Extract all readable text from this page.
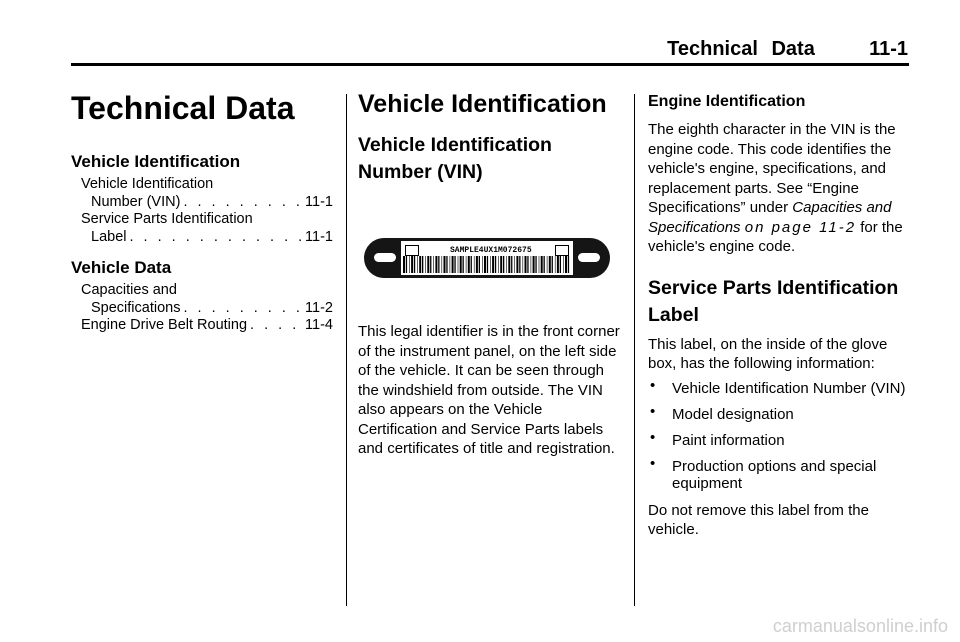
Technical Data	11-1
Technical Data
Vehicle Identification
Vehicle Identification
Number (VIN) . . .	11-1
Service Parts Identification
Label . . .	11-1
Vehicle Data
Capacities and
Specifications . . .	11-2
Engine Drive Belt Routing . . .	11-4
Vehicle Identification
Vehicle Identification Number (VIN)
SAMPLE4UX1M072675

This legal identifier is in the front corner of the instrument panel, on the left side of the vehicle. It can be seen through the windshield from outside. The VIN also appears on the Vehicle Certification and Service Parts labels and certificates of title and registration.

Engine Identification

The eighth character in the VIN is the engine code. This code identifies the vehicle's engine, specifications, and replacement parts. See “Engine Specifications” under Capacities and Specifications on page 11-2 for the vehicle's engine code.

Service Parts Identification Label

This label, on the inside of the glove box, has the following information:

• Vehicle Identification Number (VIN)
• Model designation
• Paint information
• Production options and special equipment

Do not remove this label from the vehicle.

carmanualsonline.info
